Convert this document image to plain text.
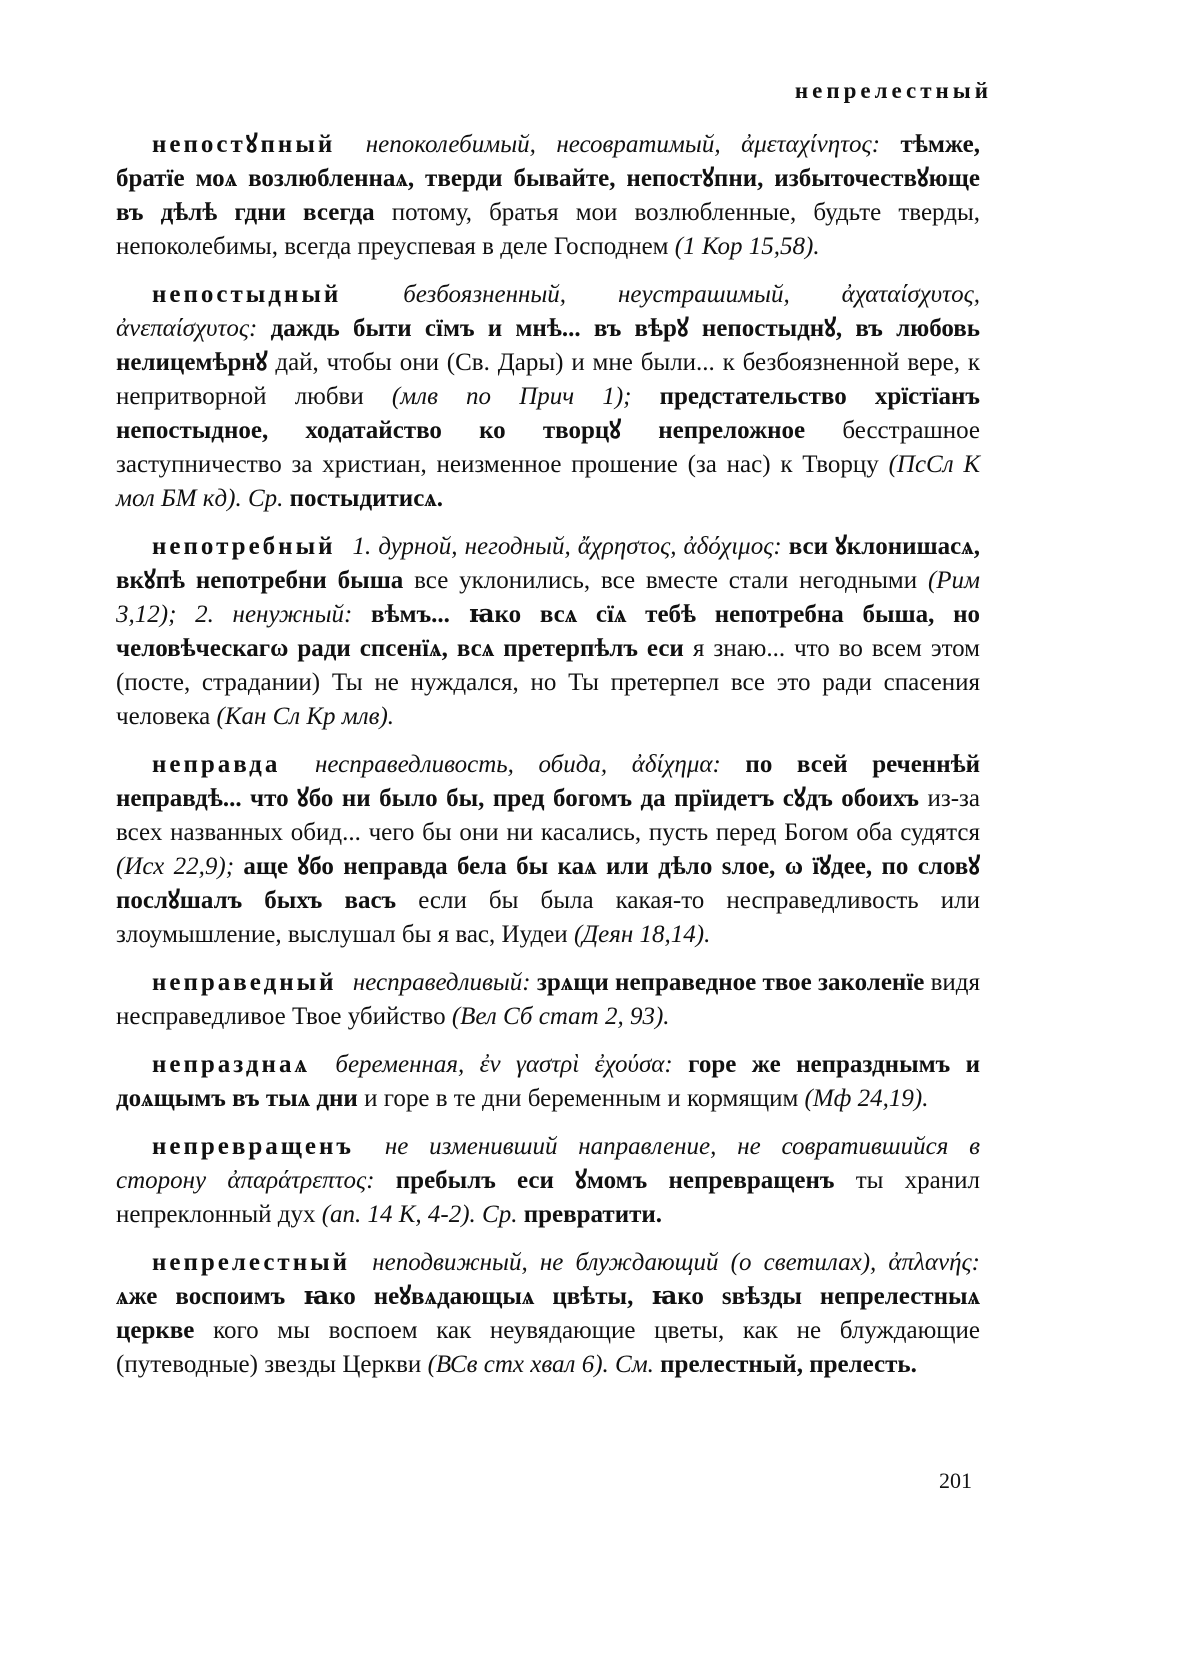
непрелестный

непостꙋпный непоколебимый, несовратимый, ἀμεταχίνητος: тѣмже, братїе моѧ возлюбленнаѧ, тверди бывайте, непостꙋпни, избыточествꙋюще въ дѣлѣ гдни всегда потому, братья мои возлюбленные, будьте тверды, непоколебимы, всегда преуспевая в деле Господнем (1 Кор 15,58).

непостыдный безбоязненный, неустрашимый, ἀχαταίσχυτος, ἀνεπαίσχυτος: даждь быти сїмъ и мнѣ... въ вѣрꙋ непостыднꙋ, въ любовь нелицемѣрнꙋ дай, чтобы они (Св. Дары) и мне были... к безбоязненной вере, к непритворной любви (млв по Прич 1); предстательство хрїстїанъ непостыдное, ходатайство ко творцꙋ непреложное бесстрашное заступничество за христиан, неизменное прошение (за нас) к Творцу (ПсСл К мол БМ кд). Ср. постыдитисѧ.

непотребный 1. дурной, негодный, ἄχρηστος, ἀδόχιμος: вси ꙋклонишасѧ, вкꙋпѣ непотребни быша все уклонились, все вместе стали негодными (Рим 3,12); 2. ненужный: вѣмъ... ꙗко всѧ сїѧ тебѣ непотребна быша, но человѣческагω ради спсенїѧ, всѧ претерпѣлъ еси я знаю... что во всем этом (посте, страдании) Ты не нуждался, но Ты претерпел все это ради спасения человека (Кан Сл Кр млв).

неправда несправедливость, обида, ἀδίχημα: по всей реченнѣй неправдѣ... что ꙋбо ни было бы, пред богомъ да прїидетъ сꙋдъ обоихъ из-за всех названных обид... чего бы они ни касались, пусть перед Богом оба судятся (Исх 22,9); аще ꙋбо неправда бела бы каѧ или дѣло ѕлое, ω їꙋдее, по словꙋ послꙋшалъ быхъ васъ если бы была какая-то несправедливость или злоумышление, выслушал бы я вас, Иудеи (Деян 18,14).

неправедный несправедливый: зрѧщи неправедное твое заколенїе видя несправедливое Твое убийство (Вел Сб стат 2, 93).

непразднаѧ беременная, ἐν γαστρὶ ἐχούσα: горе же непразднымъ и доѧщымъ въ тыѧ дни и горе в те дни беременным и кормящим (Мф 24,19).

непревращенъ не изменивший направление, не совратившийся в сторону ἀπαράτρεπτος: пребылъ еси ꙋмомъ непревращенъ ты хранил непреклонный дух (ап. 14 К, 4-2). Ср. превратити.

непрелестный неподвижный, не блуждающий (о светилах), ἀπλανής: ѧже воспоимъ ꙗко неꙋвѧдающыѧ цвѣты, ꙗко ѕвѣзды непрелестныѧ церкве кого мы воспоем как неувядающие цветы, как не блуждающие (путеводные) звезды Церкви (ВСв стх хвал 6). См. прелестный, прелесть.

201
